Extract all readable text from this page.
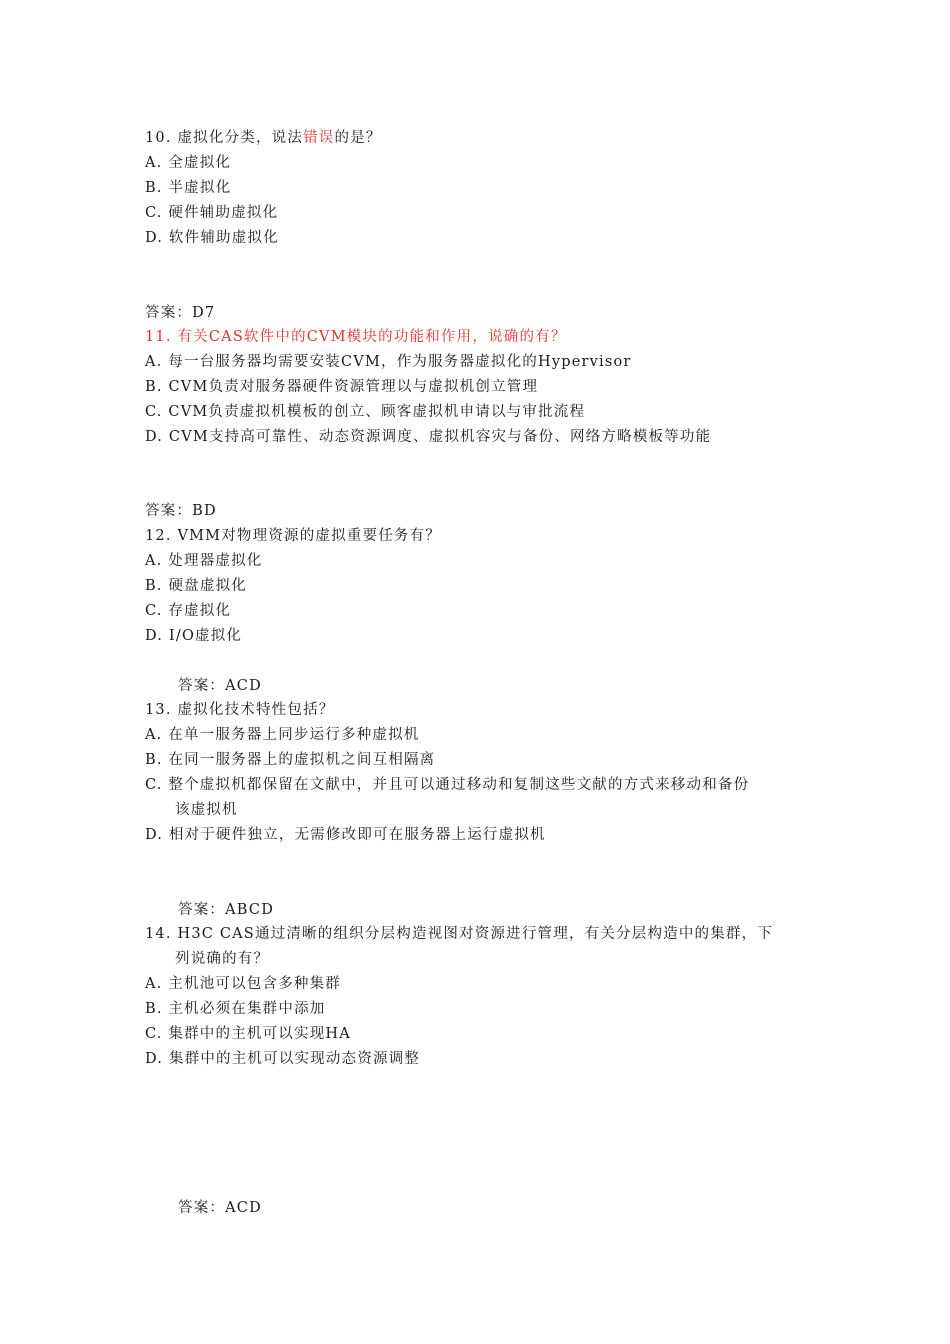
10. 虚拟化分类，说法错误的是？
A. 全虚拟化
B. 半虚拟化
C. 硬件辅助虚拟化
D. 软件辅助虚拟化
答案：D7
11. 有关CAS软件中的CVM模块的功能和作用，说确的有？
A. 每一台服务器均需要安装CVM，作为服务器虚拟化的Hypervisor
B. CVM负责对服务器硬件资源管理以与虚拟机创立管理
C. CVM负责虚拟机模板的创立、顾客虚拟机申请以与审批流程
D. CVM支持高可靠性、动态资源调度、虚拟机容灾与备份、网络方略模板等功能
答案：BD
12. VMM对物理资源的虚拟重要任务有？
A. 处理器虚拟化
B. 硬盘虚拟化
C. 存虚拟化
D. I/O虚拟化
答案：ACD
13. 虚拟化技术特性包括？
A. 在单一服务器上同步运行多种虚拟机
B. 在同一服务器上的虚拟机之间互相隔离
C. 整个虚拟机都保留在文献中，并且可以通过移动和复制这些文献的方式来移动和备份
该虚拟机
D. 相对于硬件独立，无需修改即可在服务器上运行虚拟机
答案：ABCD
14. H3C CAS通过清晰的组织分层构造视图对资源进行管理，有关分层构造中的集群，下
列说确的有？
A. 主机池可以包含多种集群
B. 主机必须在集群中添加
C. 集群中的主机可以实现HA
D. 集群中的主机可以实现动态资源调整
答案：ACD
